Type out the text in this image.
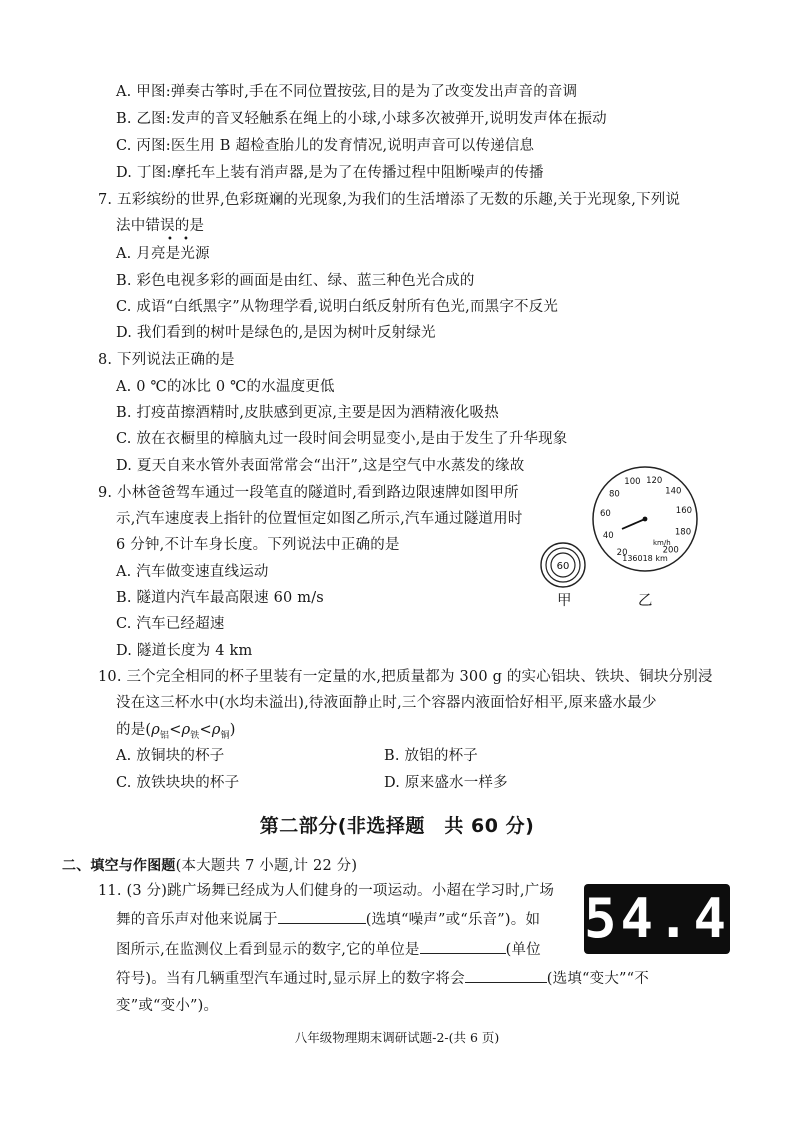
A. 甲图:弹奏古筝时,手在不同位置按弦,目的是为了改变发出声音的音调
B. 乙图:发声的音叉轻触系在绳上的小球,小球多次被弹开,说明发声体在振动
C. 丙图:医生用 B 超检查胎儿的发育情况,说明声音可以传递信息
D. 丁图:摩托车上装有消声器,是为了在传播过程中阻断噪声的传播
7. 五彩缤纷的世界,色彩斑斓的光现象,为我们的生活增添了无数的乐趣,关于光现象,下列说
法中错误的是
• •
A. 月亮是光源
B. 彩色电视多彩的画面是由红、绿、蓝三种色光合成的
C. 成语“白纸黑字”从物理学看,说明白纸反射所有色光,而黑字不反光
D. 我们看到的树叶是绿色的,是因为树叶反射绿光
8. 下列说法正确的是
A. 0 ℃的冰比 0 ℃的水温度更低
B. 打疫苗擦酒精时,皮肤感到更凉,主要是因为酒精液化吸热
C. 放在衣橱里的樟脑丸过一段时间会明显变小,是由于发生了升华现象
D. 夏天自来水管外表面常常会“出汗”,这是空气中水蒸发的缘故
9. 小林爸爸驾车通过一段笔直的隧道时,看到路边限速牌如图甲所
示,汽车速度表上指针的位置恒定如图乙所示,汽车通过隧道用时
6 分钟,不计车身长度。下列说法中正确的是
A. 汽车做变速直线运动
B. 隧道内汽车最高限速 60 m/s
C. 汽车已经超速
D. 隧道长度为 4 km
60
甲
20
40
60
80
100 120
140
160
180
200
km/h
136018 km
乙
10. 三个完全相同的杯子里装有一定量的水,把质量都为 300 g 的实心铝块、铁块、铜块分别浸
没在这三杯水中(水均未溢出),待液面静止时,三个容器内液面恰好相平,原来盛水最少
的是$(\rho_铝<\rho_铁<\rho_铜)$
A. 放铜块的杯子	B. 放铝的杯子
C. 放铁块块的杯子	D. 原来盛水一样多
第二部分(非选择题　共 60 分)
二、填空与作图题(本大题共 7 小题,计 22 分)
11. (3 分)跳广场舞已经成为人们健身的一项运动。小超在学习时,广场
舞的音乐声对他来说属于	(选填“噪声”或“乐音”)。如
图所示,在监测仪上看到显示的数字,它的单位是	(单位
符号)。当有几辆重型汽车通过时,显示屏上的数字将会	(选填“变大”“不
变”或“变小”)。
54.4
八年级物理期末调研试题-2-(共 6 页)
